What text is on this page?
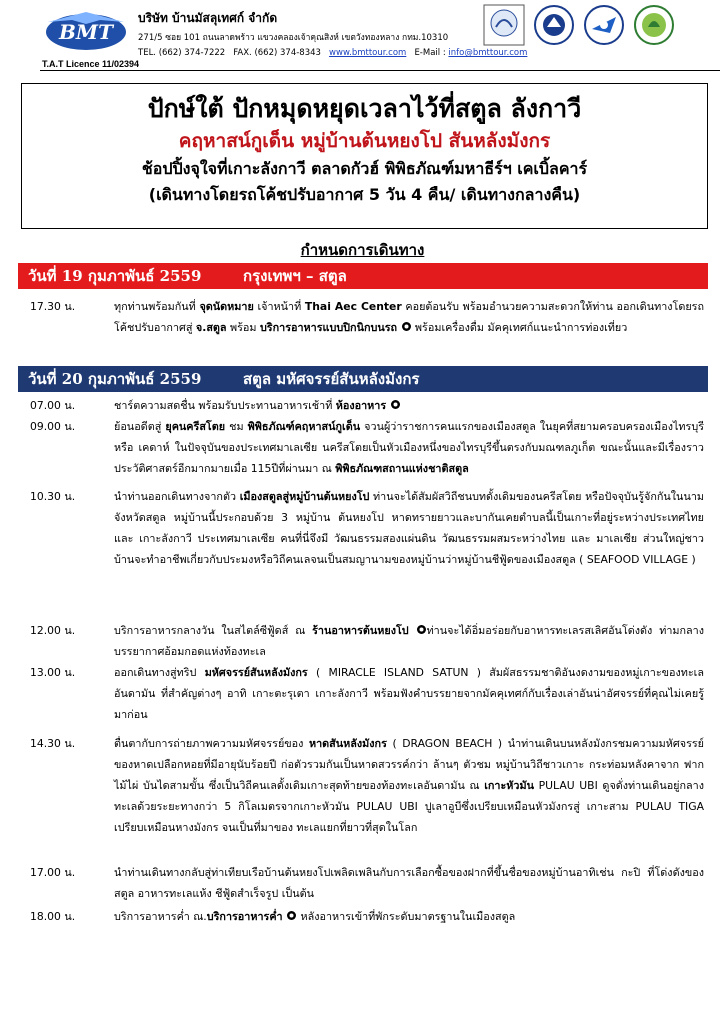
BMT
T.A.T Licence 11/02394
บริษัท บ้านมัสลุเทศก์ จำกัด
271/5 ซอย 101 ถนนลาดพร้าว แขวงคลองเจ้าคุณสิงห์ เขตวังทองหลาง กทม.10310
TEL. (662) 374-7222 FAX. (662) 374-8343 www.bmttour.com E-Mail : info@bmttour.com
ปักษ์ใต้ ปักหมุดหยุดเวลาไว้ที่สตูล ลังกาวี
คฤหาสน์กูเด็น หมู่บ้านต้นหยงโป สันหลังมังกร
ช้อปปิ้งจุใจที่เกาะลังกาวี ตลาดกัวฮ์ พิพิธภัณฑ์มหาธีร์ฯ เคเบิ้ลคาร์
(เดินทางโดยรถโค้ชปรับอากาศ 5 วัน 4 คืน/ เดินทางกลางคืน)
กำหนดการเดินทาง
วันที่ 19 กุมภาพันธ์ 2559	กรุงเทพฯ – สตูล
17.30 น.	ทุกท่านพร้อมกันที่ จุดนัดหมาย เจ้าหน้าที่ Thai Aec Center คอยต้อนรับ พร้อมอำนวยความสะดวกให้ท่าน ออกเดินทางโดยรถโค้ชปรับอากาศสู่ จ.สตูล พร้อม บริการอาหารแบบปิกนิกบนรถ  พร้อมเครื่องดื่ม มัคคุเทศก์แนะนำการท่องเที่ยว
วันที่ 20 กุมภาพันธ์ 2559	สตูล มหัศจรรย์สันหลังมังกร
07.00 น.	ชาร์ตความสดชื่น พร้อมรับประทานอาหารเช้าที่ ห้องอาหาร
09.00 น.	ย้อนอดีตสู่ ยุคนครีสโตย ชม พิพิธภัณฑ์คฤหาสน์กูเด็น จวนผู้ว่าราชการคนแรกของเมืองสตูล ในยุคที่สยามครอบครองเมืองไทรบุรี หรือ เคดาห์ ในปัจจุบันของประเทศมาเลเซีย นครีสโตยเป็นหัวเมืองหนึ่งของไทรบุรีขึ้นตรงกับมณฑลภูเก็ต ขณะนั้นและมีเรื่องราวประวัติศาสตร์อีกมากมายเมื่อ 115ปีที่ผ่านมา ณ พิพิธภัณฑสถานแห่งชาติสตูล
10.30 น.	นำท่านออกเดินทางจากตัว เมืองสตูลสู่หมู่บ้านต้นหยงโป ท่านจะได้สัมผัสวิถีชนบทดั้งเดิมของนครีสโตย หรือปัจจุบันรู้จักกันในนามจังหวัดสตูล หมู่บ้านนี้ประกอบด้วย 3 หมู่บ้าน ต้นหยงโป หาดทรายยาวและบากันเคยตำบลนี้เป็นเกาะที่อยู่ระหว่างประเทศไทย และ เกาะลังกาวี ประเทศมาเลเซีย คนที่นี่จึงมี วัฒนธรรมสองแผ่นดิน วัฒนธรรมผสมระหว่างไทย และ มาเลเซีย ส่วนใหญ่ชาวบ้านจะทำอาชีพเกี่ยวกับประมงหรือวิถีคนเลจนเป็นสมญานามของหมู่บ้านว่าหมู่บ้านชีฟู้ดของเมืองสตูล ( SEAFOOD VILLAGE )
12.00 น.	บริการอาหารกลางวัน ในสไตล์ซีฟู้ดส์ ณ ร้านอาหารต้นหยงโป ท่านจะได้อิ่มอร่อยกับอาหารทะเลรสเลิศอันโด่งดัง ท่ามกลางบรรยากาศอ้อมกอดแห่งท้องทะเล
13.00 น.	ออกเดินทางสู่ทริป มหัศจรรย์สันหลังมังกร ( MIRACLE ISLAND SATUN ) สัมผัสธรรมชาติอันงดงามของหมู่เกาะของทะเลอันดามัน ที่สำคัญต่างๆ อาทิ เกาะตะรุเตา เกาะลังกาวี พร้อมฟังคำบรรยายจากมัคคุเทศก์กับเรื่องเล่าอันน่าอัศจรรย์ที่คุณไม่เคยรู้มาก่อน
14.30 น.	ตื่นตากับการถ่ายภาพความมหัศจรรย์ของ หาดสันหลังมังกร ( DRAGON BEACH ) นำท่านเดินบนหลังมังกรชมความมหัศจรรย์ของหาดเปลือกหอยที่มีอายุนับร้อยปี ก่อตัวรวมกันเป็นหาดสวรรค์กว่า ล้านๆ ตัวชม หมู่บ้านวิถีชาวเกาะ กระท่อมหลังคาจาก ฟากไม้ไผ่ บันไดสามขั้น ซึ่งเป็นวิถีคนเลดั้งเดิมเกาะสุดท้ายของท้องทะเลอันดามัน ณ เกาะหัวมัน PULAU UBI ดูจดั่งท่านเดินอยู่กลางทะเลด้วยระยะทางกว่า 5 กิโลเมตรจากเกาะหัวมัน PULAU UBI ปูเลาอูบีซึ่งเปรียบเหมือนหัวมังกรสู่ เกาะสาม PULAU TIGA เปรียบเหมือนหางมังกร จนเป็นที่มาของ ทะเลแยกที่ยาวที่สุดในโลก
17.00 น.	นำท่านเดินทางกลับสู่ท่าเทียบเรือบ้านต้นหยงโปเพลิดเพลินกับการเลือกซื้อของฝากที่ขึ้นชื่อของหมู่บ้านอาทิเช่น กะปิ ที่โด่งดังของสตูล อาหารทะเลแห้ง ชีฟู้ดสำเร็จรูป เป็นต้น
18.00 น.	บริการอาหารค่ำ ณ.บริการอาหารค่ำ  หลังอาหารเข้าที่พักระดับมาตรฐานในเมืองสตูล
